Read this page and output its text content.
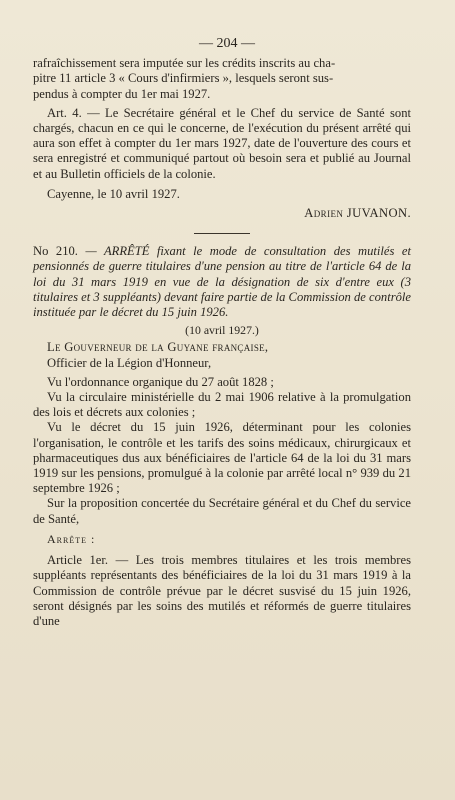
— 204 —

rafraîchissement sera imputée sur les crédits inscrits au cha-

pitre 11 article 3 « Cours d'infirmiers », lesquels seront sus-

pendus à compter du 1er mai 1927.

Art. 4. — Le Secrétaire général et le Chef du service de Santé sont chargés, chacun en ce qui le concerne, de l'exécution du présent arrêté qui aura son effet à compter du 1er mars 1927, date de l'ouverture des cours et sera enregistré et communiqué partout où besoin sera et publié au Journal et au Bulletin officiels de la colonie.

Cayenne, le 10 avril 1927.

Adrien JUVANON.

No 210. — ARRÊTÉ fixant le mode de consultation des mutilés et pensionnés de guerre titulaires d'une pension au titre de l'article 64 de la loi du 31 mars 1919 en vue de la désignation de six d'entre eux (3 titulaires et 3 suppléants) devant faire partie de la Commission de contrôle instituée par le décret du 15 juin 1926.

(10 avril 1927.)

Le Gouverneur de la Guyane française,

Officier de la Légion d'Honneur,

Vu l'ordonnance organique du 27 août 1828 ;

Vu la circulaire ministérielle du 2 mai 1906 relative à la promulgation des lois et décrets aux colonies ;

Vu le décret du 15 juin 1926, déterminant pour les colonies l'organisation, le contrôle et les tarifs des soins médicaux, chirurgicaux et pharmaceutiques dus aux bénéficiaires de l'article 64 de la loi du 31 mars 1919 sur les pensions, promulgué à la colonie par arrêté local n° 939 du 21 septembre 1926 ;

Sur la proposition concertée du Secrétaire général et du Chef du service de Santé,

Arrête :

Article 1er. — Les trois membres titulaires et les trois membres suppléants représentants des bénéficiaires de la loi du 31 mars 1919 à la Commission de contrôle prévue par le décret susvisé du 15 juin 1926, seront désignés par les soins des mutilés et réformés de guerre titulaires d'une
